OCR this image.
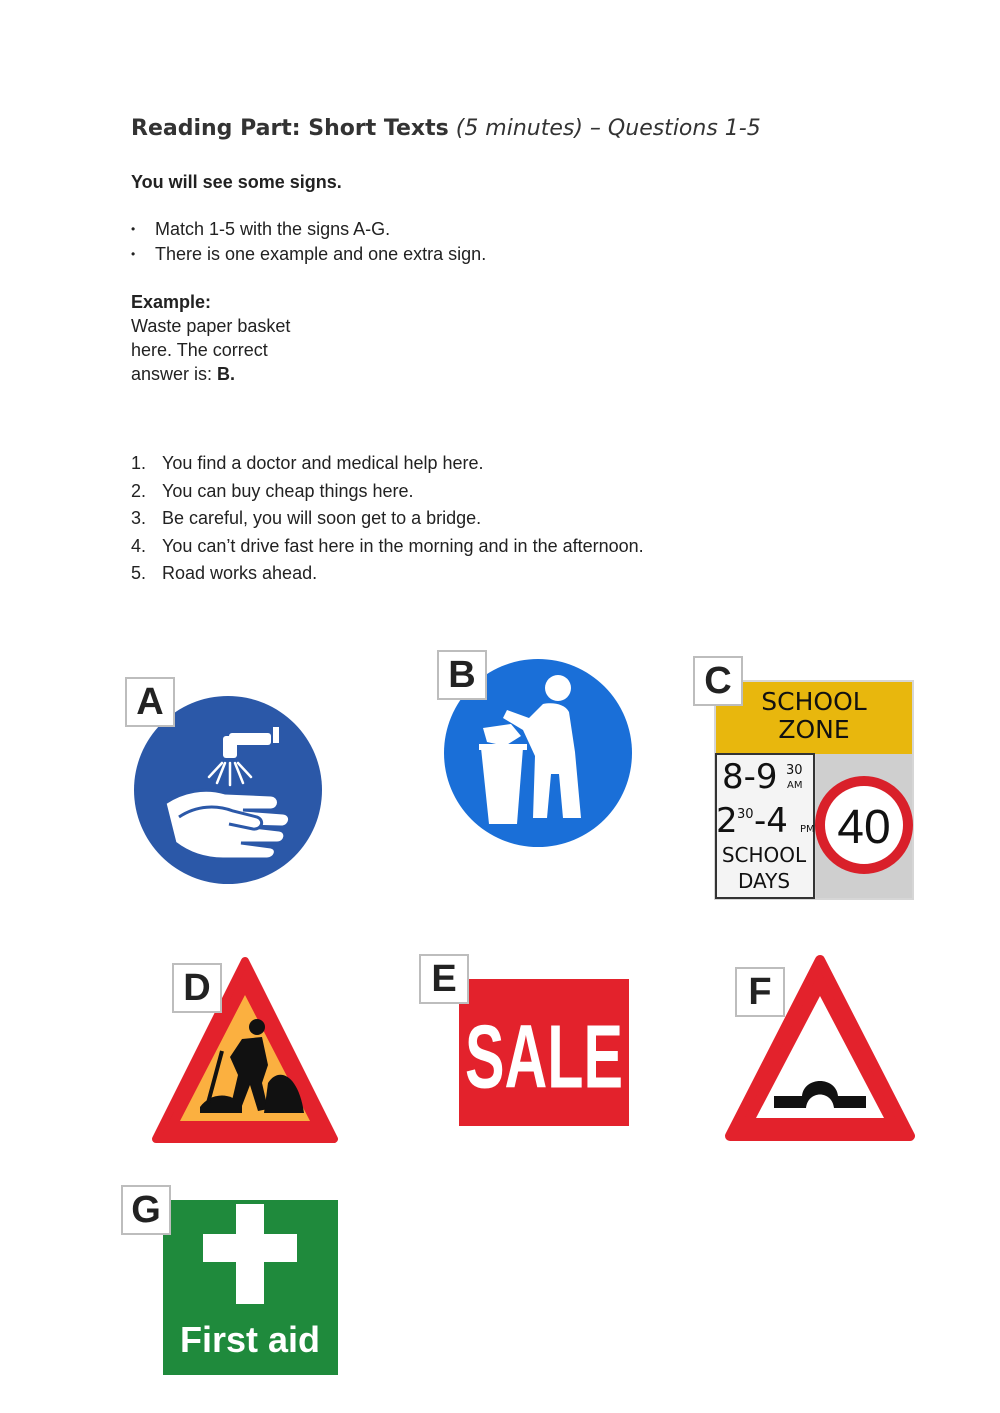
Reading Part: Short Texts (5 minutes) – Questions 1-5
You will see some signs.
•	Match 1-5 with the signs A-G.
•	There is one example and one extra sign.
Example:
Waste paper basket here. The correct answer is: B.
1. You find a doctor and medical help here.
2. You can buy cheap things here.
3. Be careful, you will soon get to a bridge.
4. You can’t drive fast here in the morning and in the afternoon.
5. Road works ahead.
A
B
SCHOOL
ZONE
8-9 30
AM
2 30 -4 PM
SCHOOL
DAYS
40
C
D
SALE
E	F
First aid
G
